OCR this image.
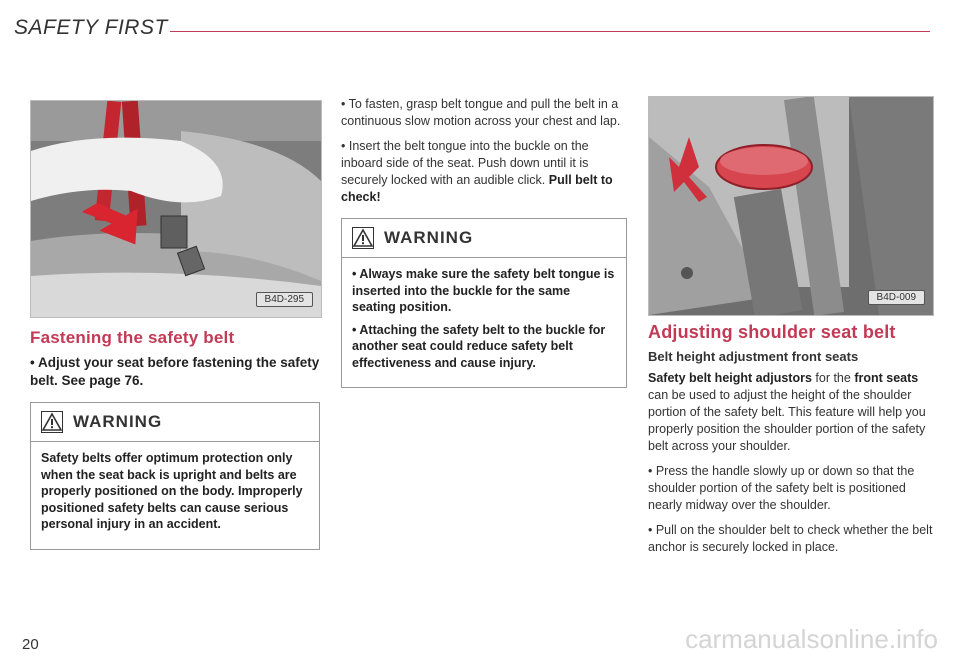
SAFETY FIRST
B4D-295
Fastening the safety belt
• Adjust your seat before fastening the safety belt. See page 76.
WARNING

Safety belts offer optimum protection only when the seat back is upright and belts are properly positioned on the body. Improperly positioned safety belts can cause serious personal injury in an accident.

• To fasten, grasp belt tongue and pull the belt in a continuous slow motion across your chest and lap.

• Insert the belt tongue into the buckle on the inboard side of the seat. Push down until it is securely locked with an audible click. Pull belt to check!

WARNING

• Always make sure the safety belt tongue is inserted into the buckle for the same seating position.

• Attaching the safety belt to the buckle for another seat could reduce safety belt effectiveness and cause injury.

B4D-009
Adjusting shoulder seat belt
Belt height adjustment front seats

Safety belt height adjustors for the front seats can be used to adjust the height of the shoulder portion of the safety belt. This feature will help you properly position the shoulder portion of the safety belt across your shoulder.

• Press the handle slowly up or down so that the shoulder portion of the safety belt is positioned nearly midway over the shoulder.

• Pull on the shoulder belt to check whether the belt anchor is securely locked in place.

20	carmanualsonline.info
